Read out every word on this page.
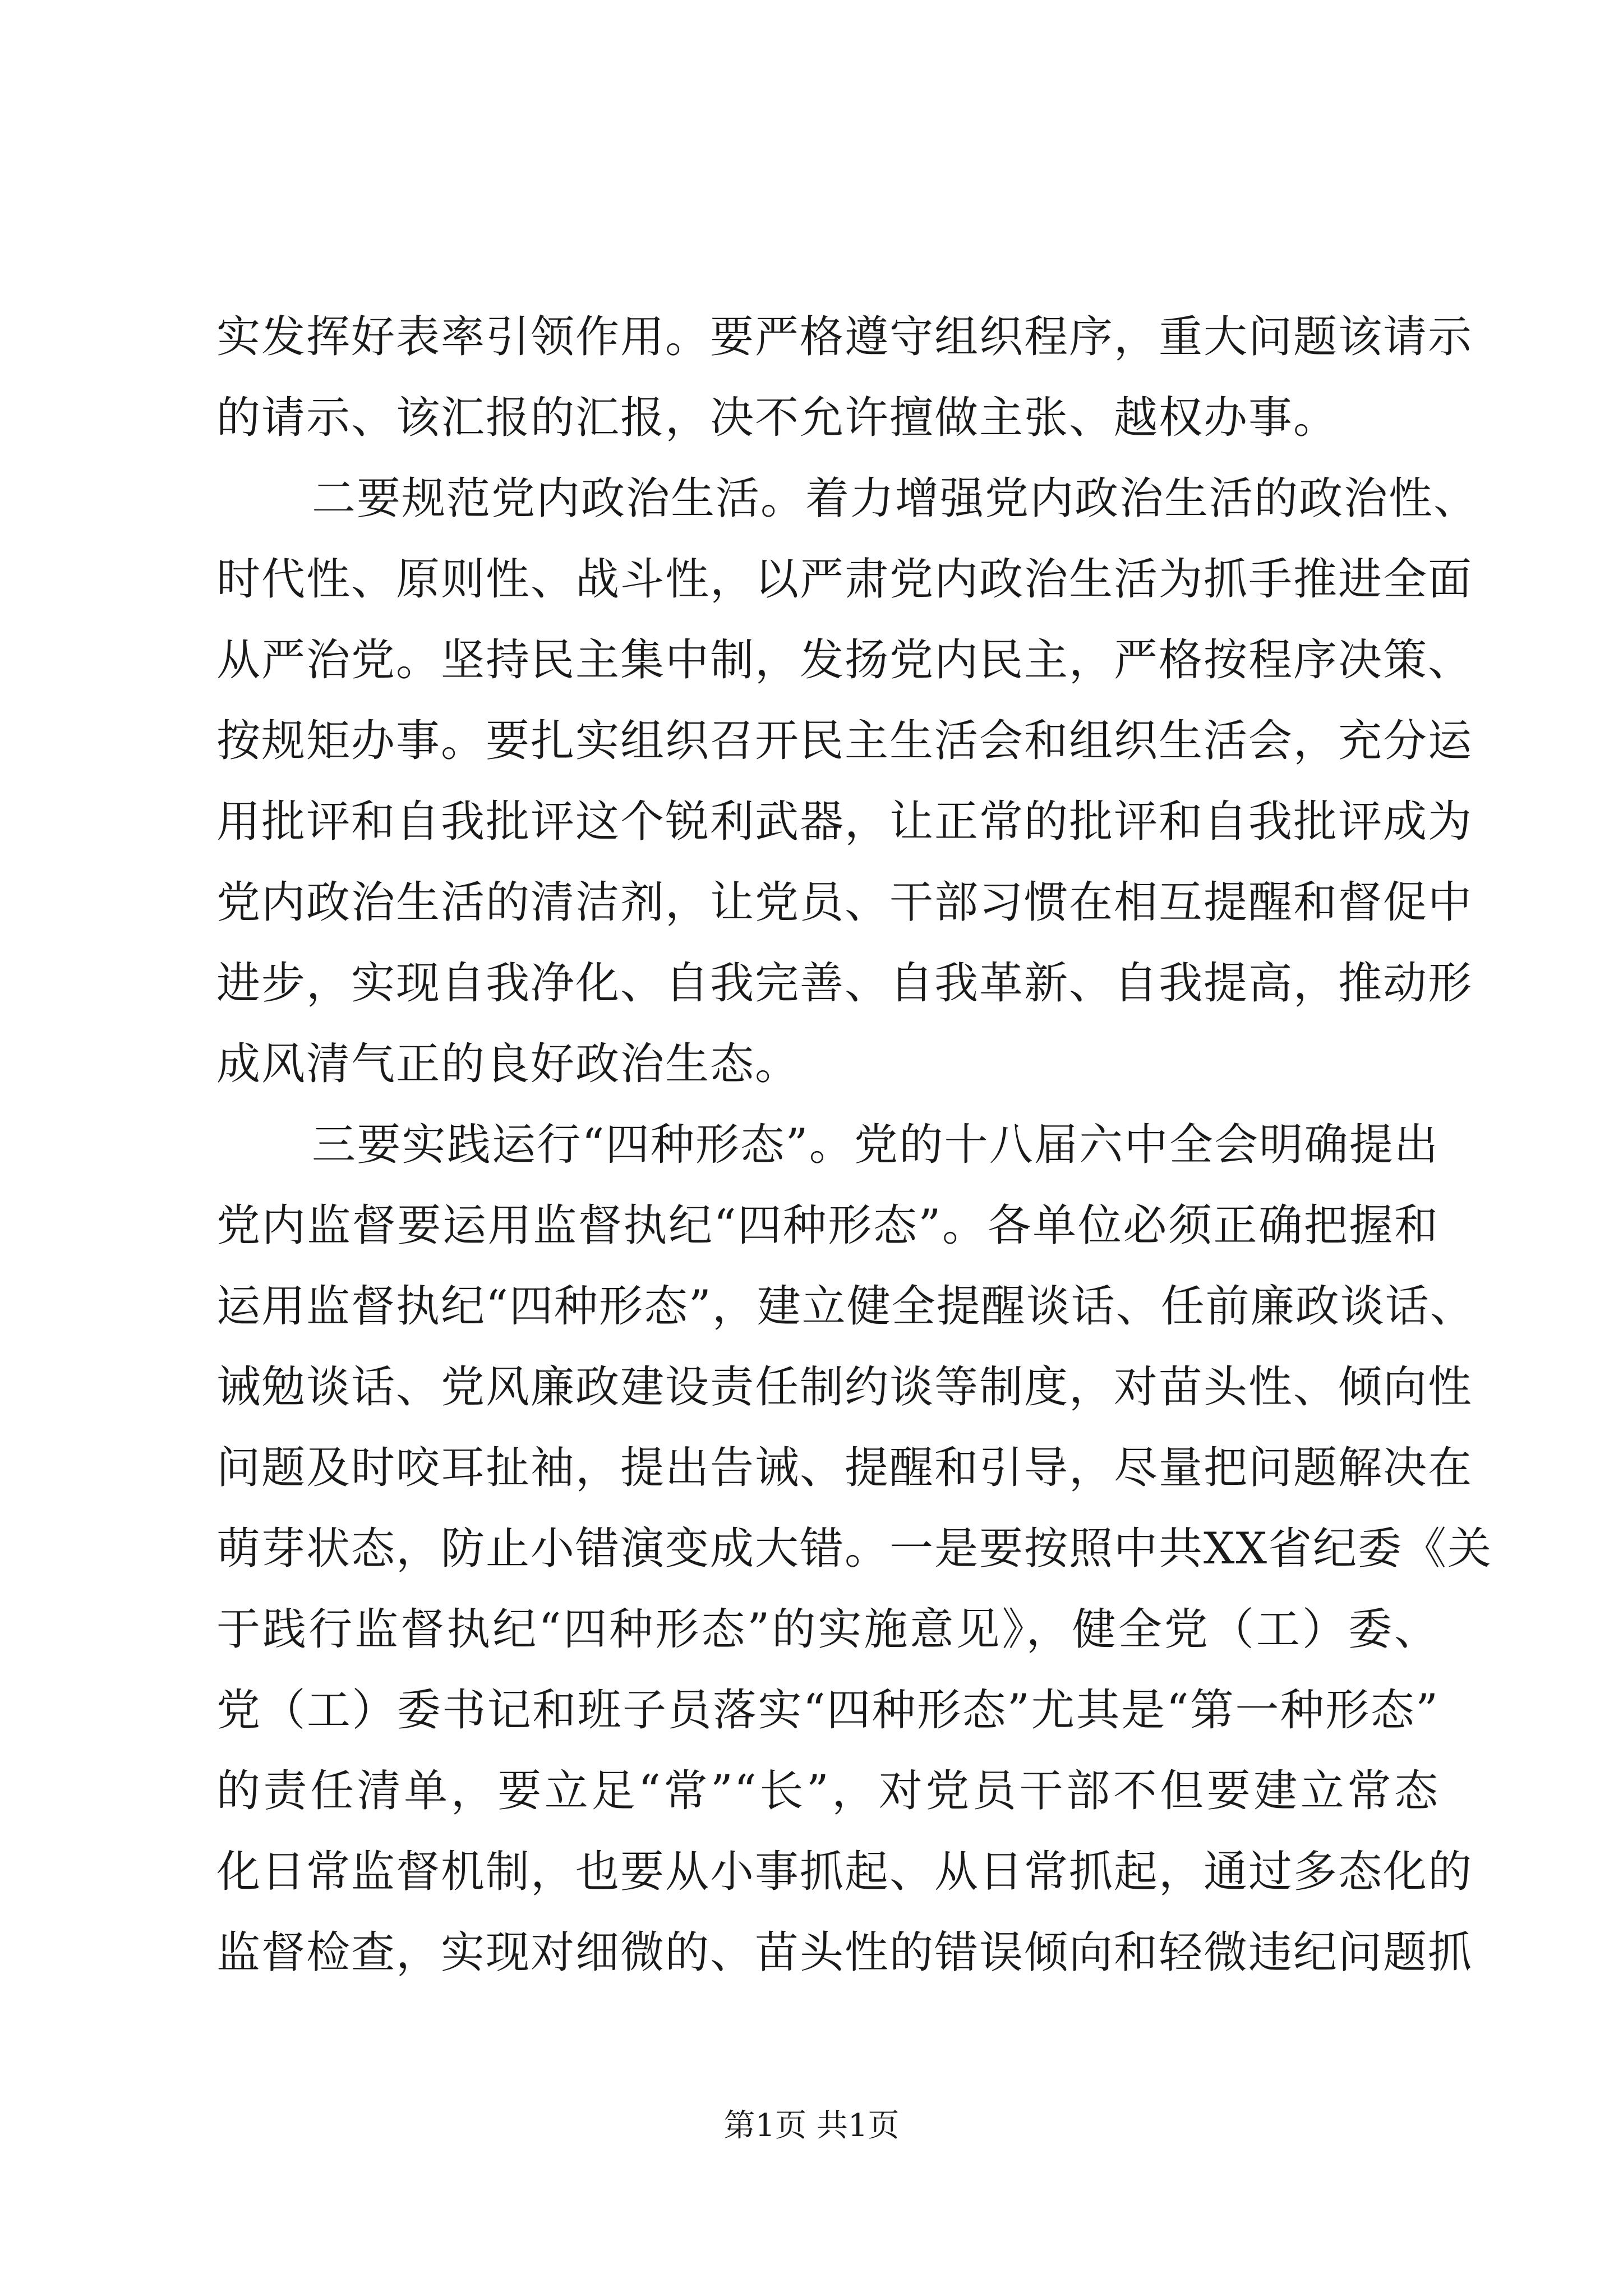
实发挥好表率引领作用。要严格遵守组织程序，重大问题该请示
的请示、该汇报的汇报，决不允许擅做主张、越权办事。
二要规范党内政治生活。着力增强党内政治生活的政治性、
时代性、原则性、战斗性，以严肃党内政治生活为抓手推进全面
从严治党。坚持民主集中制，发扬党内民主，严格按程序决策、
按规矩办事。要扎实组织召开民主生活会和组织生活会，充分运
用批评和自我批评这个锐利武器，让正常的批评和自我批评成为
党内政治生活的清洁剂，让党员、干部习惯在相互提醒和督促中
进步，实现自我净化、自我完善、自我革新、自我提高，推动形
成风清气正的良好政治生态。
三要实践运行“四种形态”。党的十八届六中全会明确提出
党内监督要运用监督执纪“四种形态”。各单位必须正确把握和
运用监督执纪“四种形态”，建立健全提醒谈话、任前廉政谈话、
诫勉谈话、党风廉政建设责任制约谈等制度，对苗头性、倾向性
问题及时咬耳扯袖，提出告诫、提醒和引导，尽量把问题解决在
萌芽状态，防止小错演变成大错。一是要按照中共XX省纪委《关
于践行监督执纪“四种形态”的实施意见》，健全党（工）委、
党（工）委书记和班子员落实“四种形态”尤其是“第一种形态”
的责任清单，要立足“常”“长”，对党员干部不但要建立常态
化日常监督机制，也要从小事抓起、从日常抓起，通过多态化的
监督检查，实现对细微的、苗头性的错误倾向和轻微违纪问题抓
第1页 共1页
